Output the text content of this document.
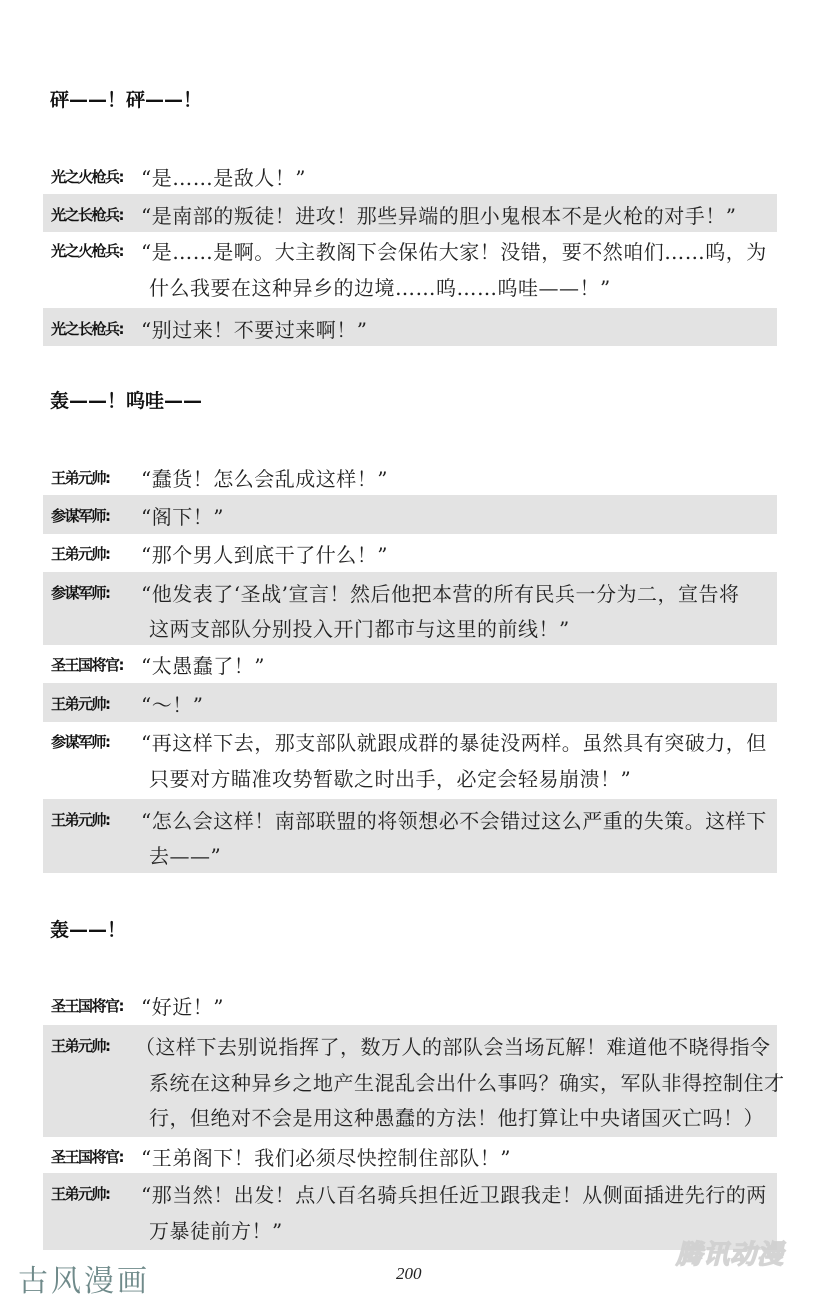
砰——！砰——！
光之火枪兵: “是……是敌人！”
光之长枪兵: “是南部的叛徒！进攻！那些异端的胆小鬼根本不是火枪的对手！”
光之火枪兵: “是……是啊。大主教阁下会保佑大家！没错，要不然咱们……呜，为
什么我要在这种异乡的边境……呜……呜哇——！”
光之长枪兵: “别过来！不要过来啊！”
轰——！呜哇——
王弟元帅: “蠢货！怎么会乱成这样！”
参谋军师: “阁下！”
王弟元帅: “那个男人到底干了什么！”
参谋军师: “他发表了‘圣战’宣言！然后他把本营的所有民兵一分为二，宣告将
这两支部队分别投入开门都市与这里的前线！”
圣王国将官: “太愚蠢了！”
王弟元帅: “～！”
参谋军师: “再这样下去，那支部队就跟成群的暴徒没两样。虽然具有突破力，但
只要对方瞄准攻势暂歇之时出手，必定会轻易崩溃！”
王弟元帅: “怎么会这样！南部联盟的将领想必不会错过这么严重的失策。这样下
去——”
轰——！
圣王国将官: “好近！”
王弟元帅: （这样下去别说指挥了，数万人的部队会当场瓦解！难道他不晓得指令
系统在这种异乡之地产生混乱会出什么事吗？确实，军队非得控制住才
行，但绝对不会是用这种愚蠢的方法！他打算让中央诸国灭亡吗！）
圣王国将官: “王弟阁下！我们必须尽快控制住部队！”
王弟元帅: “那当然！出发！点八百名骑兵担任近卫跟我走！从侧面插进先行的两
万暴徒前方！”
古风漫画	200
腾讯动漫
